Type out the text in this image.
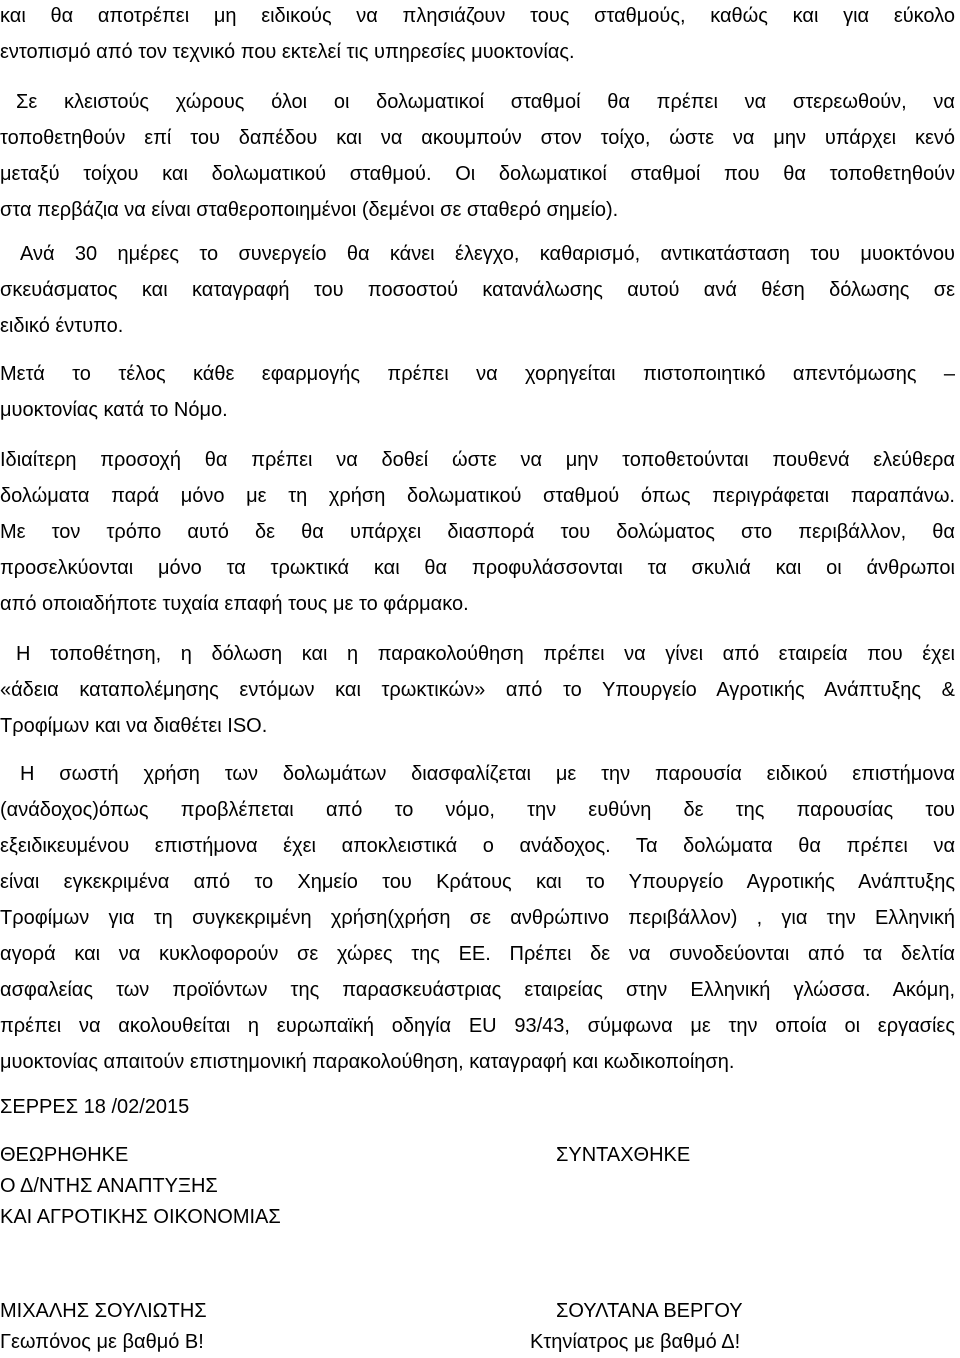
και θα αποτρέπει μη ειδικούς να πλησιάζουν τους σταθμούς, καθώς και για εύκολο
εντοπισμό από τον τεχνικό που εκτελεί τις υπηρεσίες μυοκτονίας.
Σε κλειστούς χώρους όλοι οι δολωματικοί σταθμοί θα πρέπει να στερεωθούν, να
τοποθετηθούν επί του δαπέδου και να ακουμπούν στον τοίχο, ώστε να μην υπάρχει κενό
μεταξύ τοίχου και δολωματικού σταθμού. Οι δολωματικοί σταθμοί που θα τοποθετηθούν
στα περβάζια να είναι σταθεροποιημένοι (δεμένοι σε σταθερό σημείο).
Ανά 30 ημέρες το συνεργείο θα κάνει έλεγχο, καθαρισμό, αντικατάσταση του μυοκτόνου
σκευάσματος και καταγραφή του ποσοστού κατανάλωσης αυτού ανά θέση δόλωσης σε
ειδικό έντυπο.
Μετά το τέλος κάθε εφαρμογής πρέπει να χορηγείται πιστοποιητικό απεντόμωσης –
μυοκτονίας κατά το Νόμο.
Ιδιαίτερη προσοχή θα πρέπει να δοθεί ώστε να μην τοποθετούνται πουθενά ελεύθερα
δολώματα παρά μόνο με τη χρήση δολωματικού σταθμού όπως περιγράφεται παραπάνω.
Με τον τρόπο αυτό δε θα υπάρχει διασπορά του δολώματος στο περιβάλλον, θα
προσελκύονται μόνο τα τρωκτικά και θα προφυλάσσονται τα σκυλιά και οι άνθρωποι
από οποιαδήποτε τυχαία επαφή τους με το φάρμακο.
Η τοποθέτηση, η δόλωση και η παρακολούθηση πρέπει να γίνει από εταιρεία που έχει
«άδεια καταπολέμησης εντόμων και τρωκτικών» από το Υπουργείο Αγροτικής Ανάπτυξης &
Τροφίμων και να διαθέτει ISO.
Η σωστή χρήση των δολωμάτων διασφαλίζεται με την παρουσία ειδικού επιστήμονα
(ανάδοχος)όπως προβλέπεται από το νόμο, την ευθύνη δε της παρουσίας του
εξειδικευμένου επιστήμονα έχει αποκλειστικά ο ανάδοχος. Τα δολώματα θα πρέπει να
είναι εγκεκριμένα από το Χημείο του Κράτους και το Υπουργείο Αγροτικής Ανάπτυξης
Τροφίμων για τη συγκεκριμένη χρήση(χρήση σε ανθρώπινο περιβάλλον) , για την Ελληνική
αγορά και να κυκλοφορούν σε χώρες της ΕΕ. Πρέπει δε να συνοδεύονται από τα δελτία
ασφαλείας των προϊόντων της παρασκευάστριας εταιρείας στην Ελληνική γλώσσα. Ακόμη,
πρέπει να ακολουθείται η ευρωπαϊκή οδηγία EU 93/43, σύμφωνα με την οποία οι εργασίες
μυοκτονίας απαιτούν επιστημονική παρακολούθηση, καταγραφή και κωδικοποίηση.
ΣΕΡΡΕΣ 18 /02/2015
ΘΕΩΡΗΘΗΚΕ
Ο Δ/ΝΤΗΣ ΑΝΑΠΤΥΞΗΣ
ΚΑΙ ΑΓΡΟΤΙΚΗΣ ΟΙΚΟΝΟΜΙΑΣ
ΜΙΧΑΛΗΣ ΣΟΥΛΙΩΤΗΣ
Γεωπόνος με βαθμό Β!
ΣΥΝΤΑΧΘΗΚΕ
ΣΟΥΛΤΑΝΑ ΒΕΡΓΟΥ
Κτηνίατρος με βαθμό Δ!
